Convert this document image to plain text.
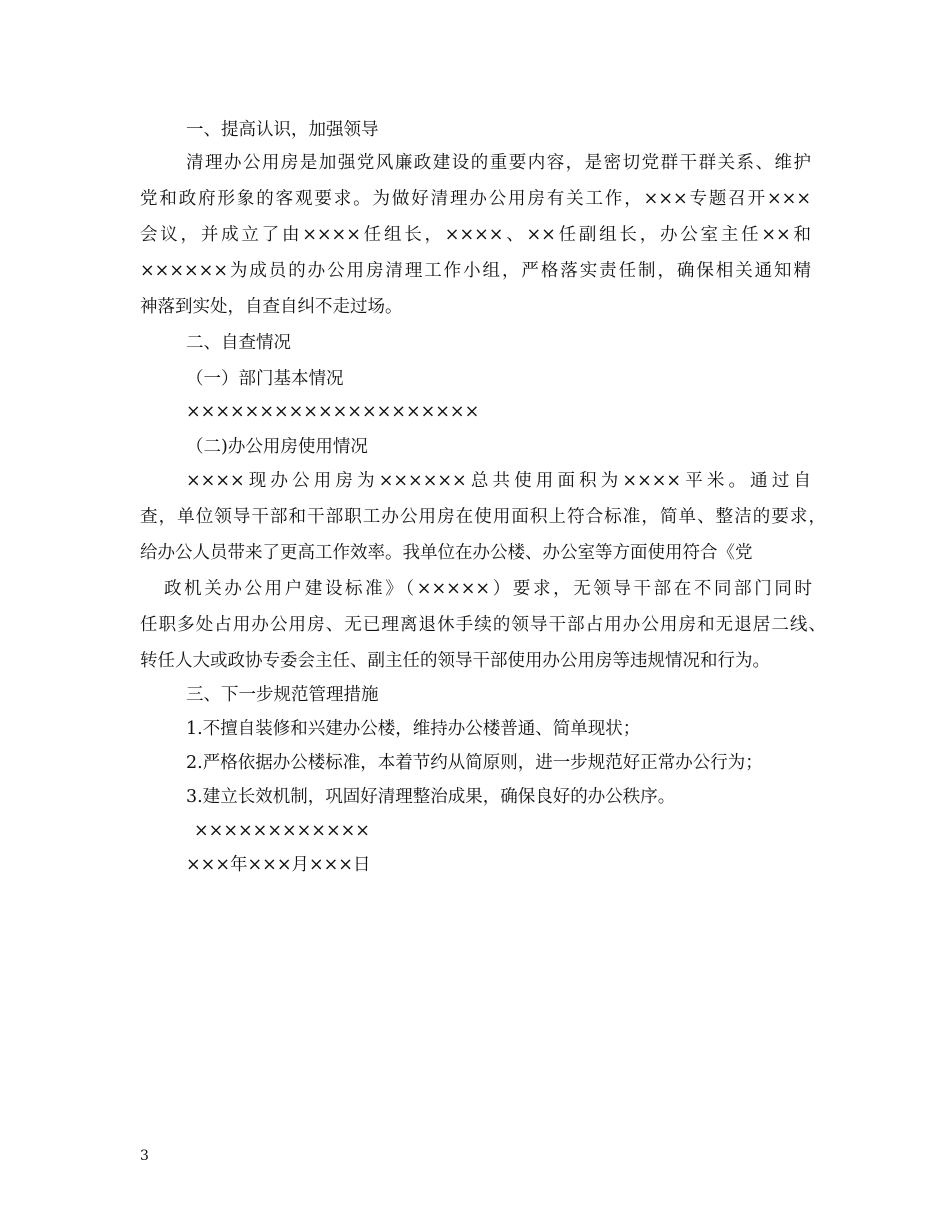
一、提高认识，加强领导
清理办公用房是加强党风廉政建设的重要内容，是密切党群干群关系、维护
党和政府形象的客观要求。为做好清理办公用房有关工作，×××专题召开×××
会议，并成立了由××××任组长，××××、××任副组长，办公室主任××和
××××××为成员的办公用房清理工作小组，严格落实责任制，确保相关通知精
神落到实处，自查自纠不走过场。
二、自查情况
（一）部门基本情况
××××××××××××××××××××
（二)办公用房使用情况
××××现办公用房为××××××总共使用面积为××××平米。通过自
查，单位领导干部和干部职工办公用房在使用面积上符合标准，简单、整洁的要求，
给办公人员带来了更高工作效率。我单位在办公楼、办公室等方面使用符合《党
政机关办公用户建设标准》（×××××）要求，无领导干部在不同部门同时
任职多处占用办公用房、无已理离退休手续的领导干部占用办公用房和无退居二线、
转任人大或政协专委会主任、副主任的领导干部使用办公用房等违规情况和行为。
三、下一步规范管理措施
1.不擅自装修和兴建办公楼，维持办公楼普通、简单现状；
2.严格依据办公楼标准，本着节约从简原则，进一步规范好正常办公行为；
3.建立长效机制，巩固好清理整治成果，确保良好的办公秩序。
××××××××××××
×××年×××月×××日
3
